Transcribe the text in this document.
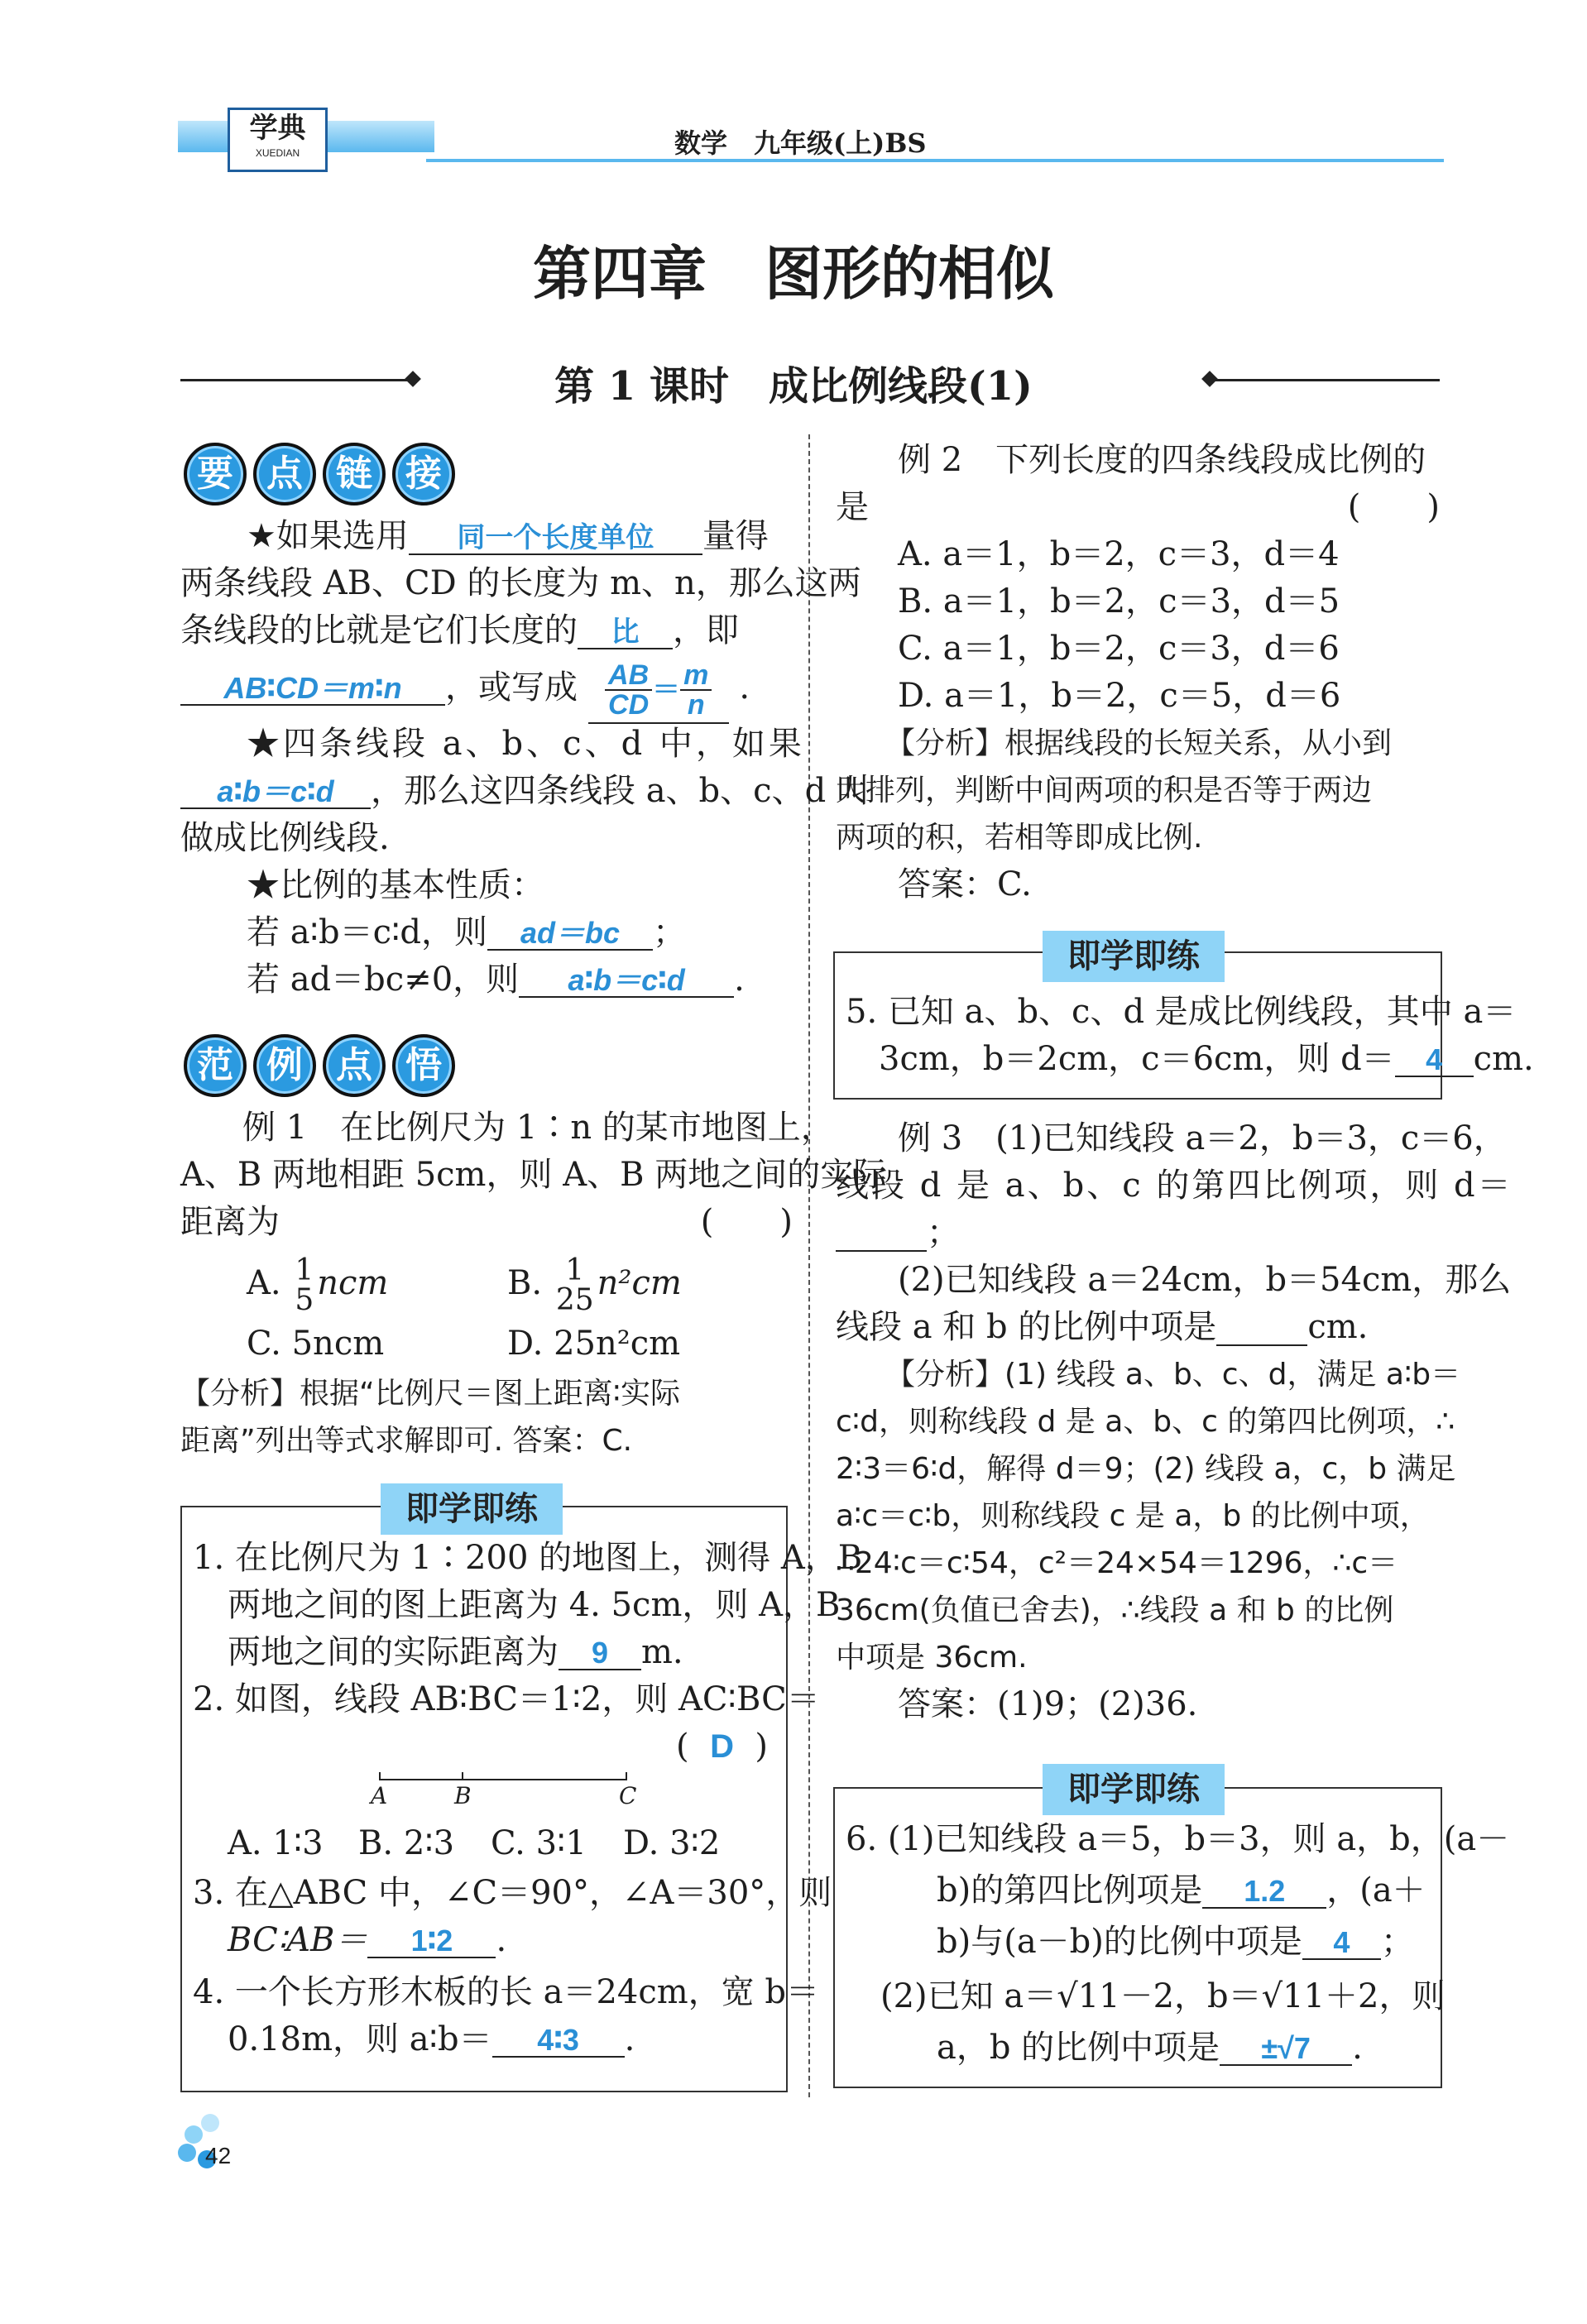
学典
XUEDIAN	数学　 九年级(上)BS
第四章　图形的相似
第 1 课时　成比例线段(1)
要 点 链 接
★如果选用 同一个长度单位 量得
两条线段 AB、CD 的长度为 m、n，那么这两
条线段的比就是它们长度的 比 ，即
AB∶CD＝m∶n ，或写成 $\frac{AB}{CD} = \frac{m}{n}$ .
★四条线段 a、b、c、d 中，如果
a∶b＝c∶d ，那么这四条线段 a、b、c、d 叫
做成比例线段.
★比例的基本性质：
若 a∶b＝c∶d，则 ad＝bc ；
若 ad＝bc≠0，则 a∶b＝c∶d .
范 例 点 悟
例 1　在比例尺为 1∶n 的某市地图上，
A、B 两地相距 5cm，则 A、B 两地之间的实际
距离为	(　　)
A. 1
5 ncm	B. 1
25 n²cm
C. 5ncm	D. 25n²cm
【分析】根据“比例尺＝图上距离∶实际
距离”列出等式求解即可. 答案：C.
即学即练
1. 在比例尺为 1∶200 的地图上，测得 A，B
两地之间的图上距离为 4. 5cm，则 A，B
两地之间的实际距离为 9 m.
2. 如图，线段 AB∶BC＝1∶2，则 AC∶BC＝
( D )
A	B	C
A. 1∶3 B. 2∶3 C. 3∶1 D. 3∶2
3. 在△ABC 中，∠C＝90°，∠A＝30°，则
BC∶AB＝ 1∶2 .
4. 一个长方形木板的长 a＝24cm，宽 b＝
0.18m，则 a∶b＝ 4∶3 .
例 2　下列长度的四条线段成比例的
是	(　　)
A. a＝1，b＝2，c＝3，d＝4
B. a＝1，b＝2，c＝3，d＝5
C. a＝1，b＝2，c＝3，d＝6
D. a＝1，b＝2，c＝5，d＝6
【分析】根据线段的长短关系，从小到
大排列，判断中间两项的积是否等于两边
两项的积，若相等即成比例.
答案：C.
即学即练
5. 已知 a、b、c、d 是成比例线段，其中 a＝
3cm，b＝2cm，c＝6cm，则 d＝ 4 cm.
例 3　(1)已知线段 a＝2，b＝3，c＝6，
线段 d 是 a、b、c 的第四比例项，则 d＝
；
(2)已知线段 a＝24cm，b＝54cm，那么
线段 a 和 b 的比例中项是	cm.
【分析】(1) 线段 a、b、c、d，满足 a∶b＝
c∶d，则称线段 d 是 a、b、c 的第四比例项，∴
2∶3＝6∶d，解得 d＝9；(2) 线段 a，c，b 满足
a∶c＝c∶b，则称线段 c 是 a，b 的比例中项，
∴24∶c＝c∶54，c²＝24×54＝1296，∴c＝
36cm(负值已舍去)，∴线段 a 和 b 的比例
中项是 36cm.
答案：(1)9；(2)36.
即学即练
6. (1)已知线段 a＝5，b＝3，则 a，b，(a－
b)的第四比例项是 1.2 ，(a＋
b)与(a－b)的比例中项是 4 ；
(2)已知 a＝√11－2，b＝√11＋2，则
a，b 的比例中项是 ±√7 .
42
